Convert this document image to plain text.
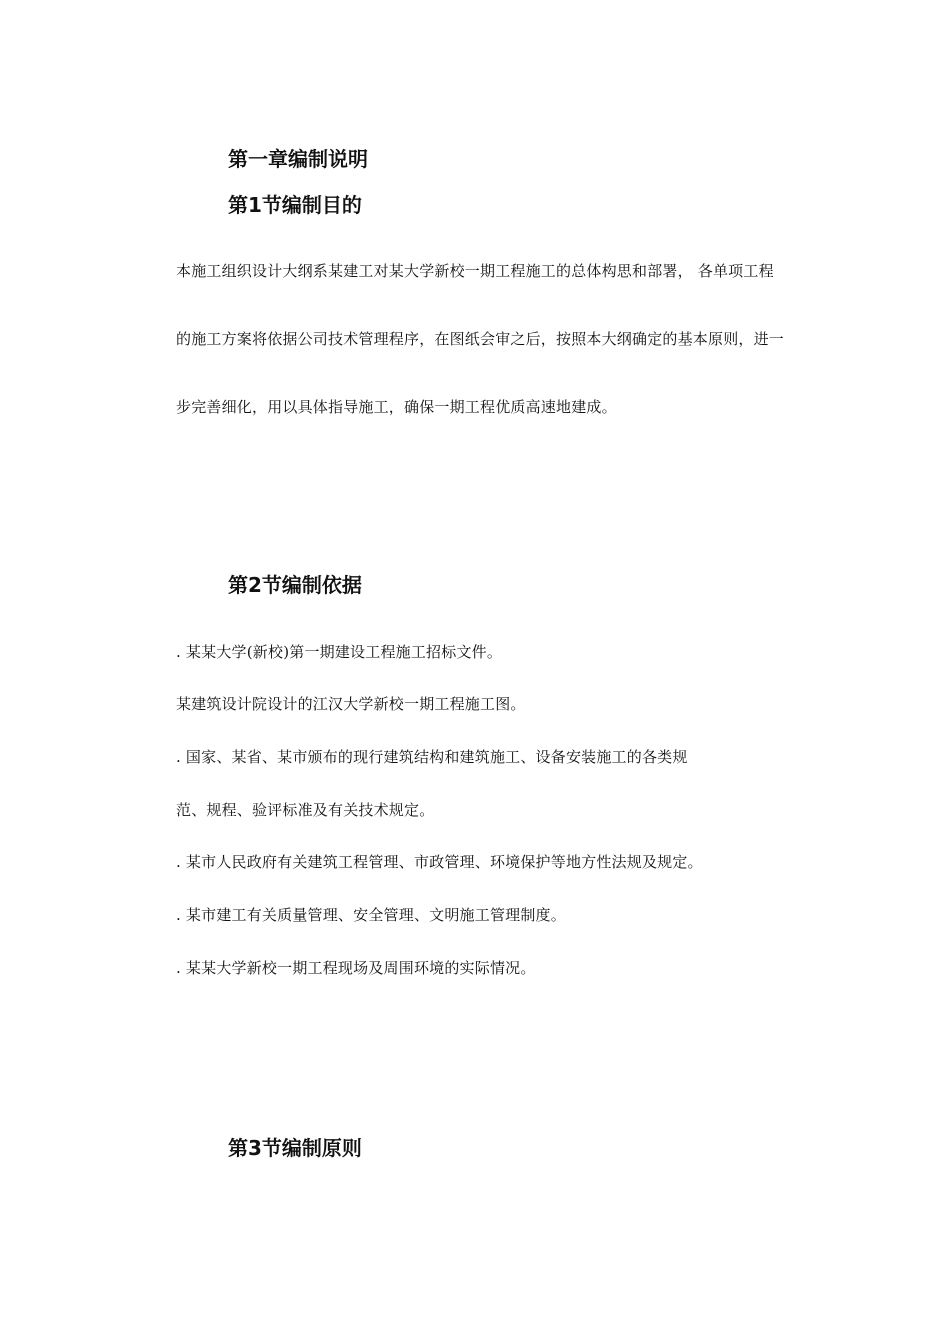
第一章编制说明
第1节编制目的

本施工组织设计大纲系某建工对某大学新校一期工程施工的总体构思和部署， 各单项工程

的施工方案将依据公司技术管理程序，在图纸会审之后，按照本大纲确定的基本原则，进一

步完善细化，用以具体指导施工，确保一期工程优质高速地建成。

第2节编制依据

. 某某大学(新校)第一期建设工程施工招标文件。

某建筑设计院设计的江汉大学新校一期工程施工图。

. 国家、某省、某市颁布的现行建筑结构和建筑施工、设备安装施工的各类规

范、规程、验评标准及有关技术规定。

. 某市人民政府有关建筑工程管理、市政管理、环境保护等地方性法规及规定。

. 某市建工有关质量管理、安全管理、文明施工管理制度。

. 某某大学新校一期工程现场及周围环境的实际情况。

第3节编制原则
